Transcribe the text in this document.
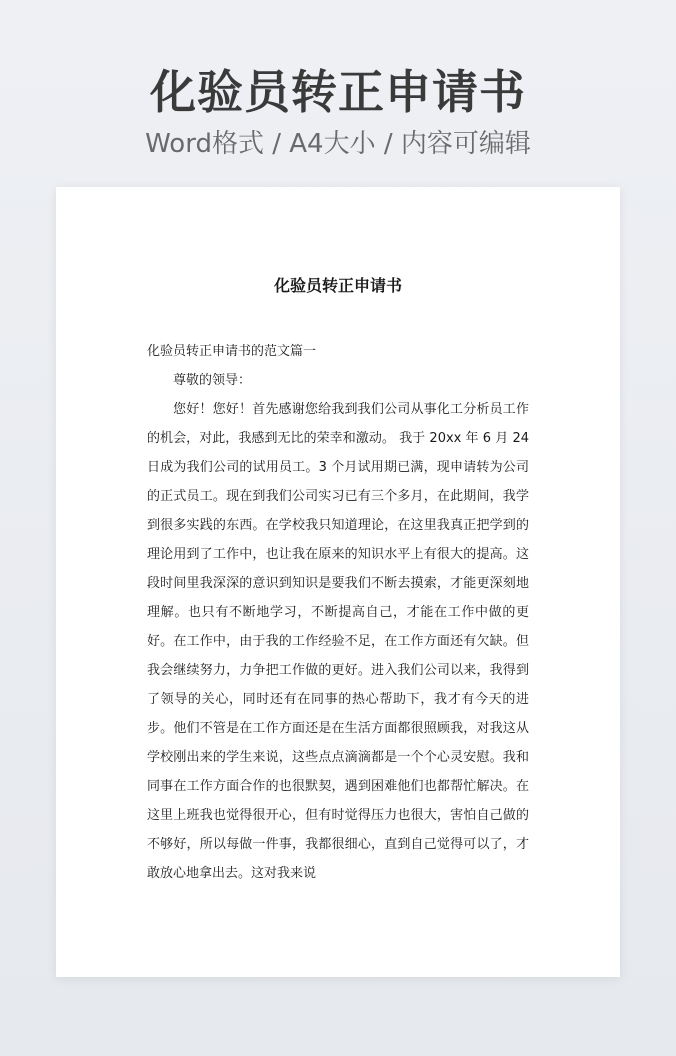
化验员转正申请书
Word格式 / A4大小 / 内容可编辑
化验员转正申请书

化验员转正申请书的范文篇一

尊敬的领导：

您好！您好！首先感谢您给我到我们公司从事化工分析员工作的机会，对此，我感到无比的荣幸和激动。 我于 20xx 年 6 月 24 日成为我们公司的试用员工。3 个月试用期已满，现申请转为公司的正式员工。现在到我们公司实习已有三个多月，在此期间，我学到很多实践的东西。在学校我只知道理论，在这里我真正把学到的理论用到了工作中，也让我在原来的知识水平上有很大的提高。这段时间里我深深的意识到知识是要我们不断去摸索，才能更深刻地理解。也只有不断地学习，不断提高自己，才能在工作中做的更好。在工作中，由于我的工作经验不足，在工作方面还有欠缺。但我会继续努力，力争把工作做的更好。进入我们公司以来，我得到了领导的关心，同时还有在同事的热心帮助下，我才有今天的进步。他们不管是在工作方面还是在生活方面都很照顾我，对我这从学校刚出来的学生来说，这些点点滴滴都是一个个心灵安慰。我和同事在工作方面合作的也很默契，遇到困难他们也都帮忙解决。在这里上班我也觉得很开心，但有时觉得压力也很大，害怕自己做的不够好，所以每做一件事，我都很细心，直到自己觉得可以了，才敢放心地拿出去。这对我来说
